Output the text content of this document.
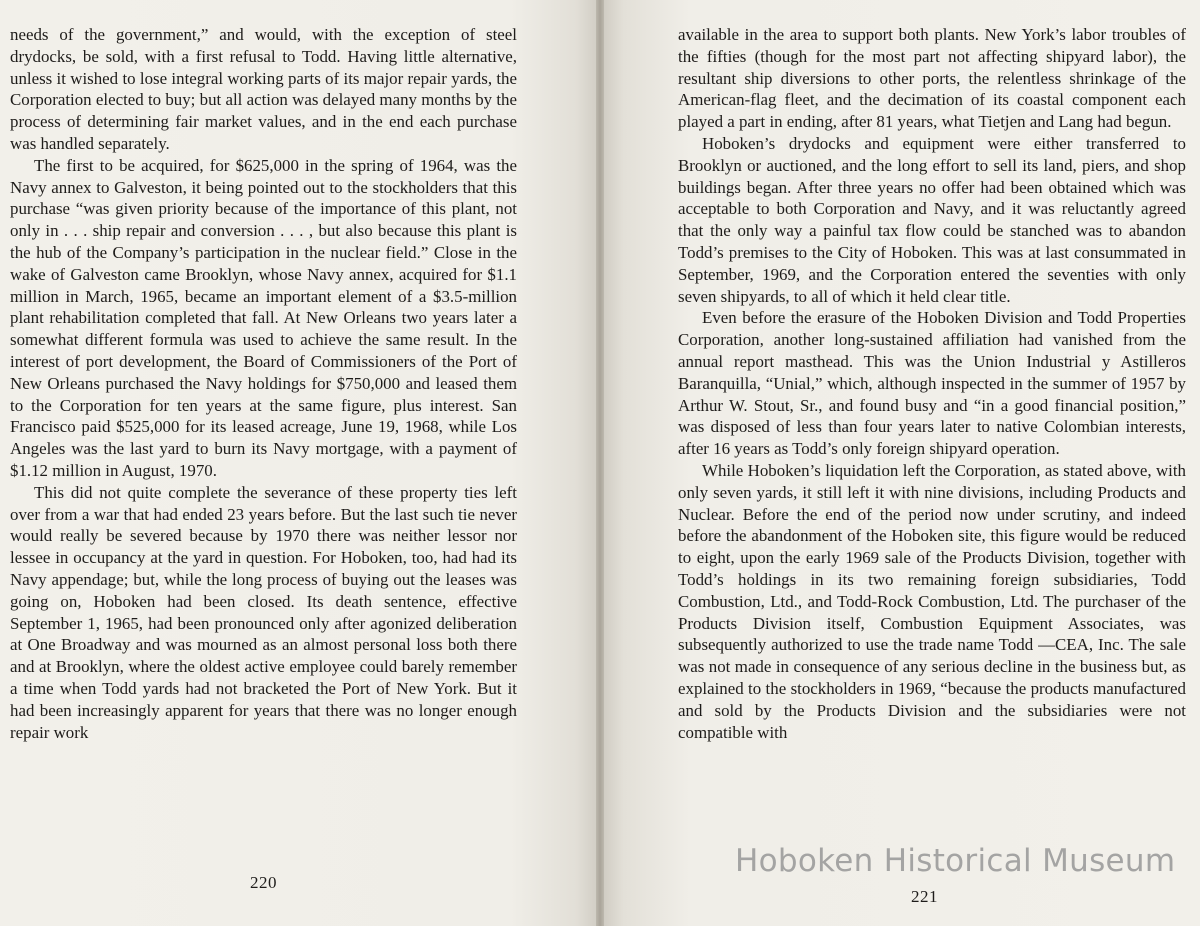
needs of the government,” and would, with the exception of steel drydocks, be sold, with a first refusal to Todd. Having little alternative, unless it wished to lose integral working parts of its major repair yards, the Corporation elected to buy; but all action was delayed many months by the process of determining fair market values, and in the end each purchase was handled separately.

The first to be acquired, for $625,000 in the spring of 1964, was the Navy annex to Galveston, it being pointed out to the stockholders that this purchase “was given priority because of the importance of this plant, not only in . . . ship repair and conversion . . . , but also because this plant is the hub of the Company’s participation in the nuclear field.” Close in the wake of Galveston came Brooklyn, whose Navy annex, acquired for $1.1 million in March, 1965, became an important element of a $3.5-million plant rehabilitation completed that fall. At New Orleans two years later a somewhat different formula was used to achieve the same result. In the interest of port development, the Board of Commissioners of the Port of New Orleans purchased the Navy holdings for $750,000 and leased them to the Corporation for ten years at the same figure, plus interest. San Francisco paid $525,000 for its leased acreage, June 19, 1968, while Los Angeles was the last yard to burn its Navy mortgage, with a payment of $1.12 million in August, 1970.

This did not quite complete the severance of these property ties left over from a war that had ended 23 years before. But the last such tie never would really be severed because by 1970 there was neither lessor nor lessee in occupancy at the yard in question. For Hoboken, too, had had its Navy appendage; but, while the long process of buying out the leases was going on, Hoboken had been closed. Its death sentence, effective September 1, 1965, had been pronounced only after agonized deliberation at One Broadway and was mourned as an almost personal loss both there and at Brooklyn, where the oldest active employee could barely remember a time when Todd yards had not bracketed the Port of New York. But it had been increasingly apparent for years that there was no longer enough repair work

220

available in the area to support both plants. New York’s labor troubles of the fifties (though for the most part not affecting shipyard labor), the resultant ship diversions to other ports, the relentless shrinkage of the American-flag fleet, and the decimation of its coastal component each played a part in ending, after 81 years, what Tietjen and Lang had begun.

Hoboken’s drydocks and equipment were either transferred to Brooklyn or auctioned, and the long effort to sell its land, piers, and shop buildings began. After three years no offer had been obtained which was acceptable to both Corporation and Navy, and it was reluctantly agreed that the only way a painful tax flow could be stanched was to abandon Todd’s premises to the City of Hoboken. This was at last consummated in September, 1969, and the Corporation entered the seventies with only seven shipyards, to all of which it held clear title.

Even before the erasure of the Hoboken Division and Todd Properties Corporation, another long-sustained affiliation had vanished from the annual report masthead. This was the Union Industrial y Astilleros Baranquilla, “Unial,” which, although inspected in the summer of 1957 by Arthur W. Stout, Sr., and found busy and “in a good financial position,” was disposed of less than four years later to native Colombian interests, after 16 years as Todd’s only foreign shipyard operation.

While Hoboken’s liquidation left the Corporation, as stated above, with only seven yards, it still left it with nine divisions, including Products and Nuclear. Before the end of the period now under scrutiny, and indeed before the abandonment of the Hoboken site, this figure would be reduced to eight, upon the early 1969 sale of the Products Division, together with Todd’s holdings in its two remaining foreign subsidiaries, Todd Combustion, Ltd., and Todd-Rock Combustion, Ltd. The purchaser of the Products Division itself, Combustion Equipment Associates, was subsequently authorized to use the trade name Todd —CEA, Inc. The sale was not made in consequence of any serious decline in the business but, as explained to the stockholders in 1969, “because the products manufactured and sold by the Products Division and the subsidiaries were not compatible with

221
Hoboken Historical Museum
